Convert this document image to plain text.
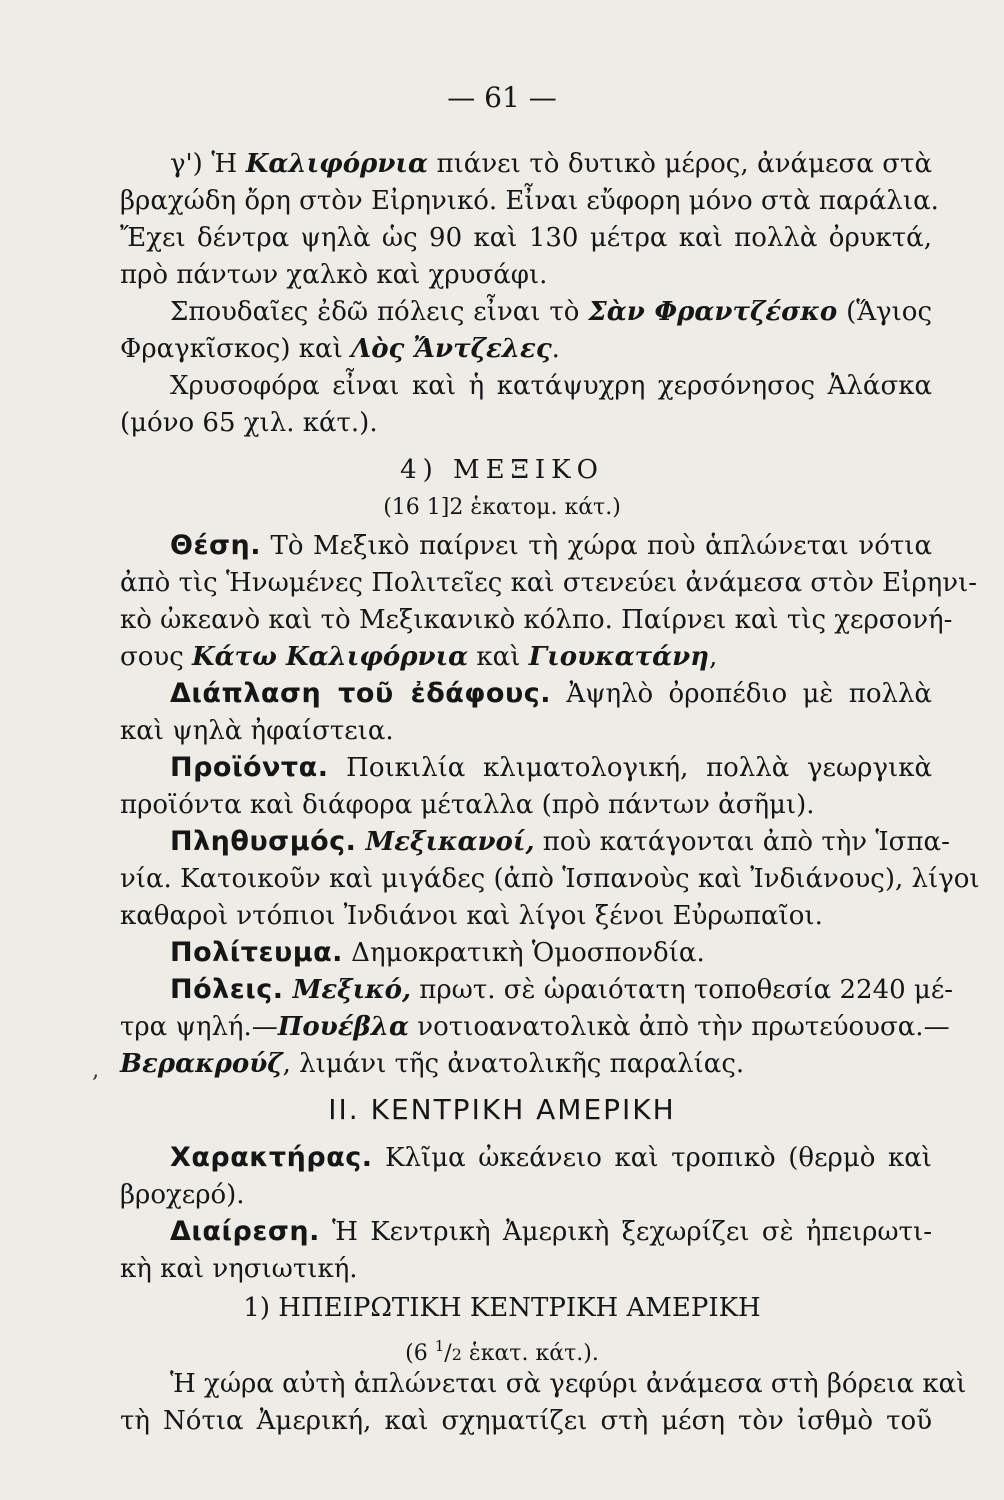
— 61 —
γ') Ἡ Καλιφόρνια πιάνει τὸ δυτικὸ μέρος, ἀνάμεσα στὰ
βραχώδη ὄρη στὸν Εἰρηνικό. Εἶναι εὔφορη μόνο στὰ παράλια.
Ἔχει δέντρα ψηλὰ ὡς 90 καὶ 130 μέτρα καὶ πολλὰ ὀρυκτά,
πρὸ πάντων χαλκὸ καὶ χρυσάφι.
Σπουδαῖες ἐδῶ πόλεις εἶναι τὸ Σὰν Φραντζέσκο (Ἅγιος
Φραγκῖσκος) καὶ Λὸς Ἄντζελες.
Χρυσοφόρα εἶναι καὶ ἡ κατάψυχρη χερσόνησος Ἀλάσκα
(μόνο 65 χιλ. κάτ.).
4) ΜΕΞΙΚΟ
(16 1]2 ἑκατομ. κάτ.)
Θέση. Τὸ Μεξικὸ παίρνει τὴ χώρα ποὺ ἁπλώνεται νότια
ἀπὸ τὶς Ἡνωμένες Πολιτεῖες καὶ στενεύει ἀνάμεσα στὸν Εἰρηνι-
κὸ ὠκεανὸ καὶ τὸ Μεξικανικὸ κόλπο. Παίρνει καὶ τὶς χερσονή-
σους Κάτω Καλιφόρνια καὶ Γιουκατάνη,
Διάπλαση τοῦ ἐδάφους. Ἀψηλὸ ὀροπέδιο μὲ πολλὰ
καὶ ψηλὰ ἠφαίστεια.
Προϊόντα. Ποικιλία κλιματολογική, πολλὰ γεωργικὰ
προϊόντα καὶ διάφορα μέταλλα (πρὸ πάντων ἀσῆμι).
Πληθυσμός. Μεξικανοί, ποὺ κατάγονται ἀπὸ τὴν Ἱσπα-
νία. Κατοικοῦν καὶ μιγάδες (ἀπὸ Ἱσπανοὺς καὶ Ἰνδιάνους), λίγοι
καθαροὶ ντόπιοι Ἰνδιάνοι καὶ λίγοι ξένοι Εὐρωπαῖοι.
Πολίτευμα. Δημοκρατικὴ Ὁμοσπονδία.
Πόλεις. Μεξικό, πρωτ. σὲ ὡραιότατη τοποθεσία 2240 μέ-
τρα ψηλή.—Πουέβλα νοτιοανατολικὰ ἀπὸ τὴν πρωτεύουσα.—
Βερακρούζ, λιμάνι τῆς ἀνατολικῆς παραλίας.
‚
II. ΚΕΝΤΡΙΚΗ ΑΜΕΡΙΚΗ
Χαρακτήρας. Κλῖμα ὠκεάνειο καὶ τροπικὸ (θερμὸ καὶ
βροχερό).
Διαίρεση. Ἡ Κεντρικὴ Ἀμερικὴ ξεχωρίζει σὲ ἠπειρωτι-
κὴ καὶ νησιωτική.
1) ΗΠΕΙΡΩΤΙΚΗ ΚΕΝΤΡΙΚΗ ΑΜΕΡΙΚΗ
(6 $^1$/2 ἑκατ. κάτ.).
Ἡ χώρα αὐτὴ ἁπλώνεται σὰ γεφύρι ἀνάμεσα στὴ βόρεια καὶ
τὴ Νότια Ἀμερική, καὶ σχηματίζει στὴ μέση τὸν ἰσθμὸ τοῦ
